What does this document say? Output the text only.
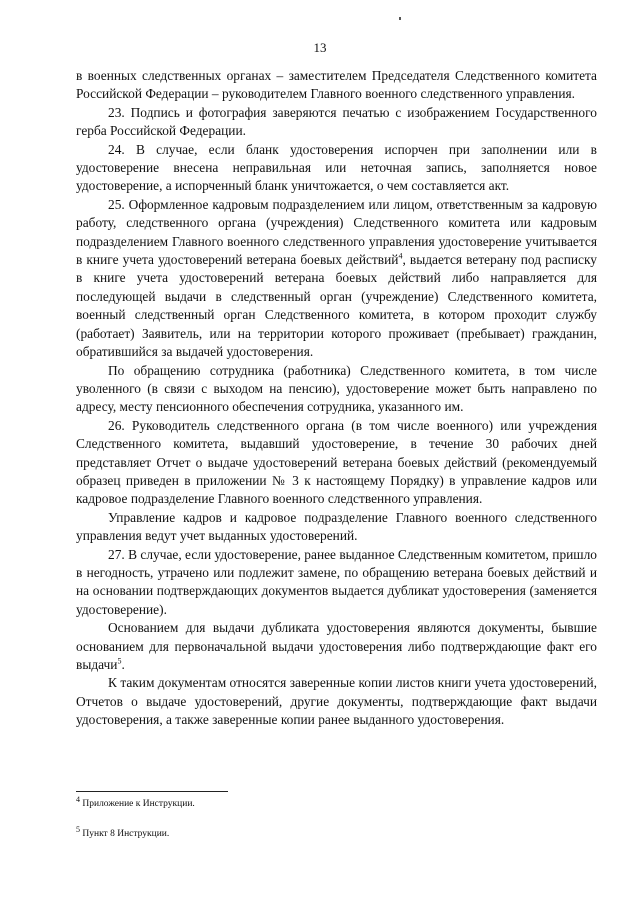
13

в военных следственных органах – заместителем Председателя Следственного комитета Российской Федерации – руководителем Главного военного следственного управления.

23. Подпись и фотография заверяются печатью с изображением Государственного герба Российской Федерации.

24. В случае, если бланк удостоверения испорчен при заполнении или в удостоверение внесена неправильная или неточная запись, заполняется новое удостоверение, а испорченный бланк уничтожается, о чем составляется акт.

25. Оформленное кадровым подразделением или лицом, ответственным за кадровую работу, следственного органа (учреждения) Следственного комитета или кадровым подразделением Главного военного следственного управления удостоверение учитывается в книге учета удостоверений ветерана боевых действий$^4$, выдается ветерану под расписку в книге учета удостоверений ветерана боевых действий либо направляется для последующей выдачи в следственный орган (учреждение) Следственного комитета, военный следственный орган Следственного комитета, в котором проходит службу (работает) Заявитель, или на территории которого проживает (пребывает) гражданин, обратившийся за выдачей удостоверения.

По обращению сотрудника (работника) Следственного комитета, в том числе уволенного (в связи с выходом на пенсию), удостоверение может быть направлено по адресу, месту пенсионного обеспечения сотрудника, указанного им.

26. Руководитель следственного органа (в том числе военного) или учреждения Следственного комитета, выдавший удостоверение, в течение 30 рабочих дней представляет Отчет о выдаче удостоверений ветерана боевых действий (рекомендуемый образец приведен в приложении № 3 к настоящему Порядку) в управление кадров или кадровое подразделение Главного военного следственного управления.

Управление кадров и кадровое подразделение Главного военного следственного управления ведут учет выданных удостоверений.

27. В случае, если удостоверение, ранее выданное Следственным комитетом, пришло в негодность, утрачено или подлежит замене, по обращению ветерана боевых действий и на основании подтверждающих документов выдается дубликат удостоверения (заменяется удостоверение).

Основанием для выдачи дубликата удостоверения являются документы, бывшие основанием для первоначальной выдачи удостоверения либо подтверждающие факт его выдачи$^5$.

К таким документам относятся заверенные копии листов книги учета удостоверений, Отчетов о выдаче удостоверений, другие документы, подтверждающие факт выдачи удостоверения, а также заверенные копии ранее выданного удостоверения.

$^4$ Приложение к Инструкции.
$^5$ Пункт 8 Инструкции.
